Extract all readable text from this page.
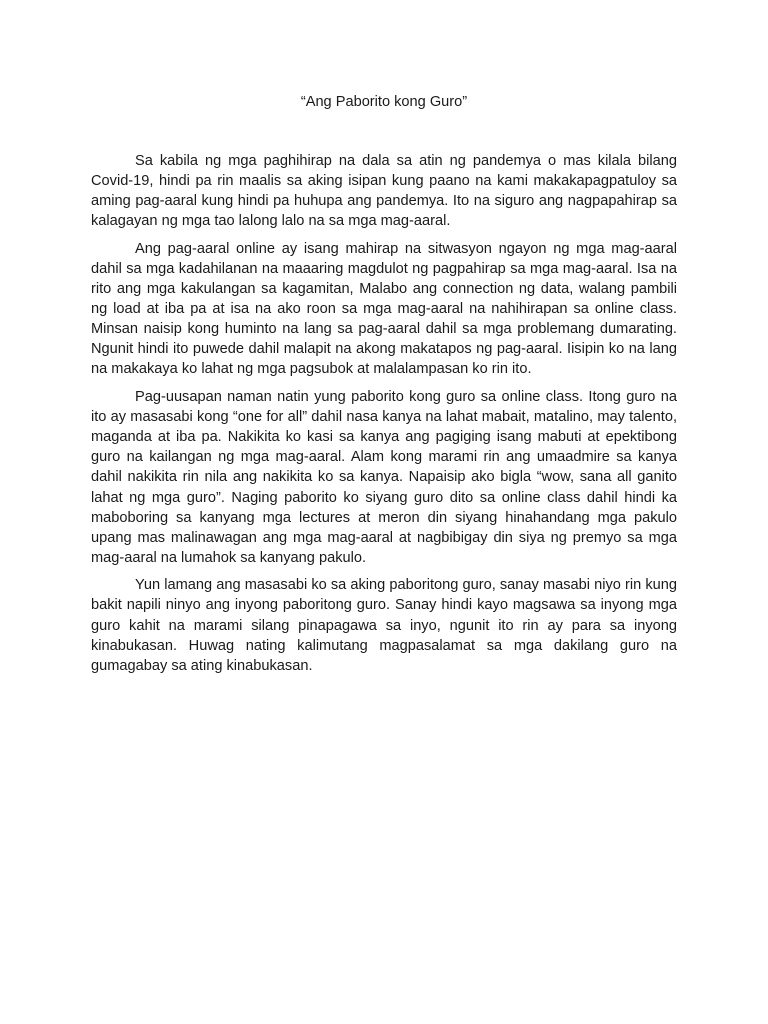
“Ang Paborito kong Guro”

Sa kabila ng mga paghihirap na dala sa atin ng pandemya o mas kilala bilang Covid-19, hindi pa rin maalis sa aking isipan kung paano na kami makakapagpatuloy sa aming pag-aaral kung hindi pa huhupa ang pandemya. Ito na siguro ang nagpapahirap sa kalagayan ng mga tao lalong lalo na sa mga mag-aaral.

Ang pag-aaral online ay isang mahirap na sitwasyon ngayon ng mga mag-aaral dahil sa mga kadahilanan na maaaring magdulot ng pagpahirap sa mga mag-aaral. Isa na rito ang mga kakulangan sa kagamitan, Malabo ang connection ng data, walang pambili ng load at iba pa at isa na ako roon sa mga mag-aaral na nahihirapan sa online class. Minsan naisip kong huminto na lang sa pag-aaral dahil sa mga problemang dumarating. Ngunit hindi ito puwede dahil malapit na akong makatapos ng pag-aaral. Iisipin ko na lang na makakaya ko lahat ng mga pagsubok at malalampasan ko rin ito.

Pag-uusapan naman natin yung paborito kong guro sa online class. Itong guro na ito ay masasabi kong “one for all” dahil nasa kanya na lahat mabait, matalino, may talento, maganda at iba pa. Nakikita ko kasi sa kanya ang pagiging isang mabuti at epektibong guro na kailangan ng mga mag-aaral. Alam kong marami rin ang umaadmire sa kanya dahil nakikita rin nila ang nakikita ko sa kanya. Napaisip ako bigla “wow, sana all ganito lahat ng mga guro”. Naging paborito ko siyang guro dito sa online class dahil hindi ka maboboring sa kanyang mga lectures at meron din siyang hinahandang mga pakulo upang mas malinawagan ang mga mag-aaral at nagbibigay din siya ng premyo sa mga mag-aaral na lumahok sa kanyang pakulo.

Yun lamang ang masasabi ko sa aking paboritong guro, sanay masabi niyo rin kung bakit napili ninyo ang inyong paboritong guro. Sanay hindi kayo magsawa sa inyong mga guro kahit na marami silang pinapagawa sa inyo, ngunit ito rin ay para sa inyong kinabukasan. Huwag nating kalimutang magpasalamat sa mga dakilang guro na gumagabay sa ating kinabukasan.
